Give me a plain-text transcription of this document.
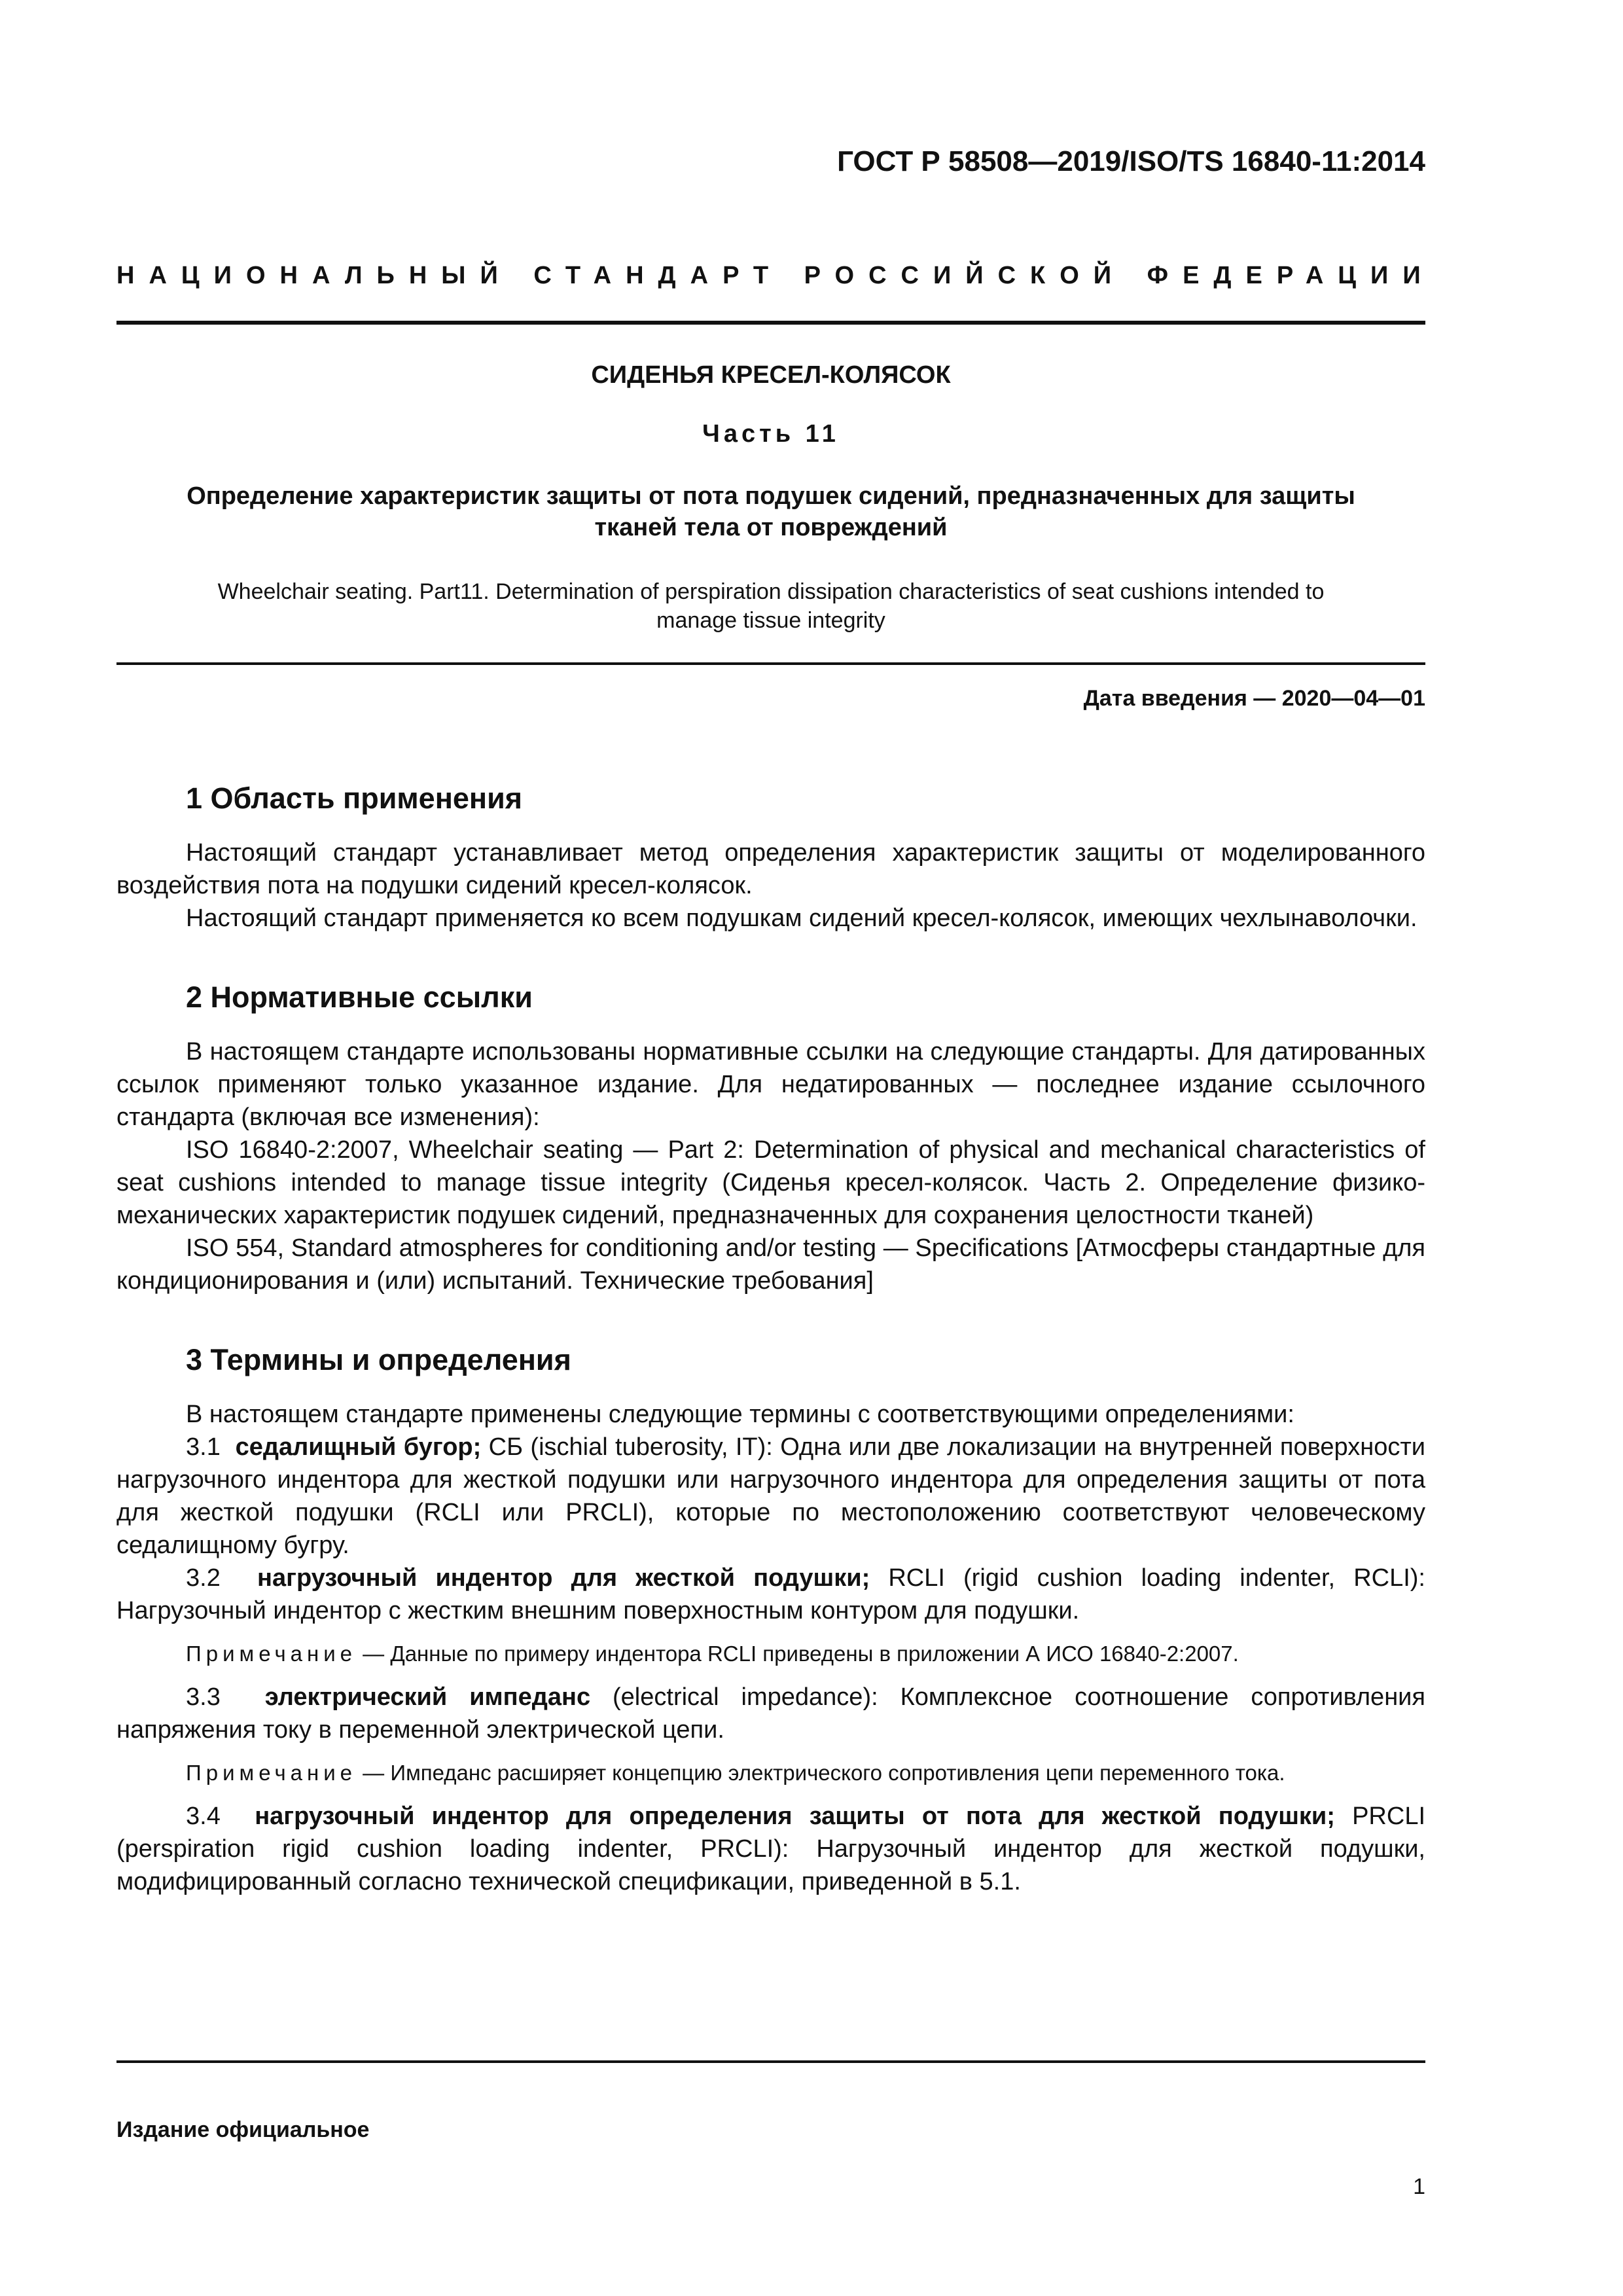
ГОСТ Р 58508—2019/ISO/TS 16840-11:2014
НАЦИОНАЛЬНЫЙ СТАНДАРТ РОССИЙСКОЙ ФЕДЕРАЦИИ
СИДЕНЬЯ КРЕСЕЛ-КОЛЯСОК
Часть 11
Определение характеристик защиты от пота подушек сидений, предназначенных для защиты
тканей тела от повреждений
Wheelchair seating. Part11. Determination of perspiration dissipation characteristics of seat cushions intended to
manage tissue integrity
Дата введения — 2020—04—01
1 Область применения

Настоящий стандарт устанавливает метод определения характеристик защиты от моделированного воздействия пота на подушки сидений кресел-колясок.

Настоящий стандарт применяется ко всем подушкам сидений кресел-колясок, имеющих чехлынаволочки.

2 Нормативные ссылки

В настоящем стандарте использованы нормативные ссылки на следующие стандарты. Для датированных ссылок применяют только указанное издание. Для недатированных — последнее издание ссылочного стандарта (включая все изменения):

ISO 16840-2:2007, Wheelchair seating — Part 2: Determination of physical and mechanical characteristics of seat cushions intended to manage tissue integrity (Сиденья кресел-колясок. Часть 2. Определение физико-механических характеристик подушек сидений, предназначенных для сохранения целостности тканей)

ISO 554, Standard atmospheres for conditioning and/or testing — Specifications [Атмосферы стандартные для кондиционирования и (или) испытаний. Технические требования]

3 Термины и определения

В настоящем стандарте применены следующие термины с соответствующими определениями:

3.1 седалищный бугор; СБ (ischial tuberosity, IT): Одна или две локализации на внутренней поверхности нагрузочного индентора для жесткой подушки или нагрузочного индентора для определения защиты от пота для жесткой подушки (RCLI или PRCLI), которые по местоположению соответствуют человеческому седалищному бугру.

3.2 нагрузочный индентор для жесткой подушки; RCLI (rigid cushion loading indenter, RCLI): Нагрузочный индентор с жестким внешним поверхностным контуром для подушки.

Примечание — Данные по примеру индентора RCLI приведены в приложении А ИСО 16840-2:2007.

3.3 электрический импеданс (electrical impedance): Комплексное соотношение сопротивления напряжения току в переменной электрической цепи.

Примечание — Импеданс расширяет концепцию электрического сопротивления цепи переменного тока.

3.4 нагрузочный индентор для определения защиты от пота для жесткой подушки; PRCLI (perspiration rigid cushion loading indenter, PRCLI): Нагрузочный индентор для жесткой подушки, модифицированный согласно технической спецификации, приведенной в 5.1.

Издание официальное
1
